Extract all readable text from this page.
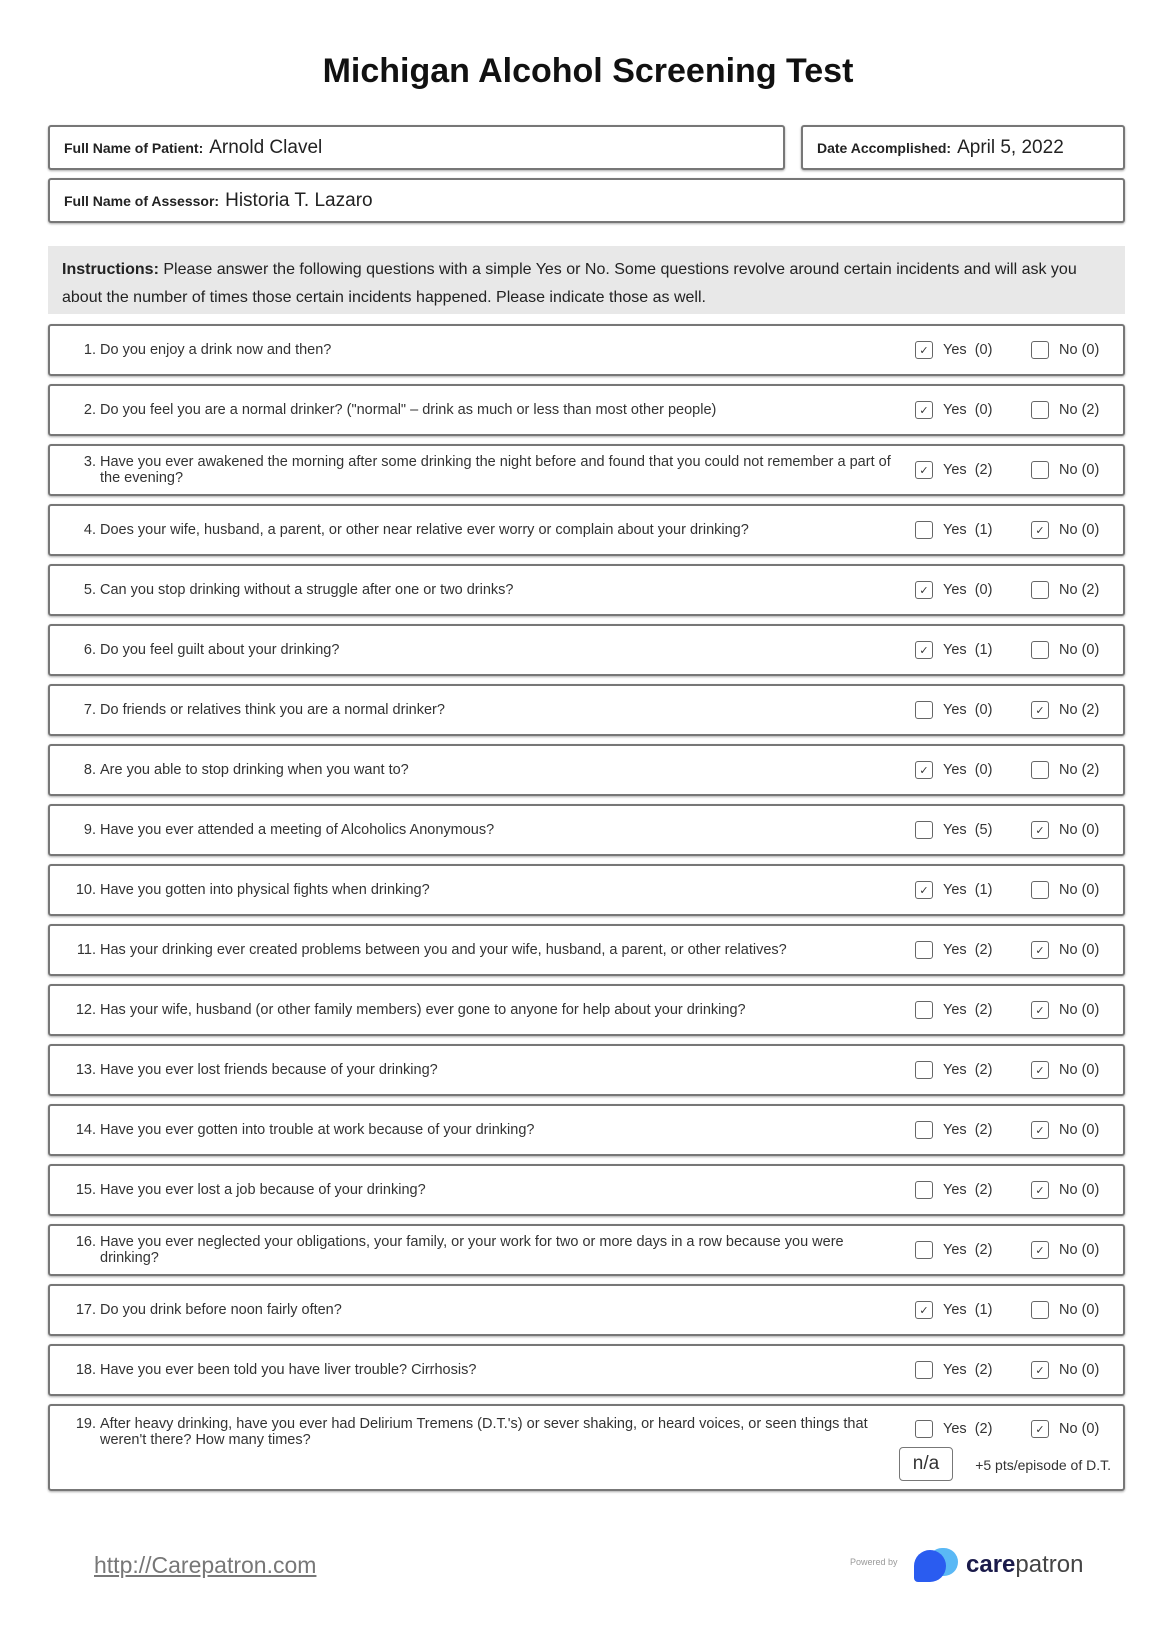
Michigan Alcohol Screening Test
Full Name of Patient: Arnold Clavel	Date Accomplished: April 5, 2022
Full Name of Assessor: Historia T. Lazaro
Instructions: Please answer the following questions with a simple Yes or No. Some questions revolve around certain incidents and will ask you about the number of times those certain incidents happened. Please indicate those as well.
1. Do you enjoy a drink now and then?	✓ Yes  (0)	No (0)
2. Do you feel you are a normal drinker? ("normal" – drink as much or less than most other people)	✓ Yes  (0)	No (2)
3. Have you ever awakened the morning after some drinking the night before and found that you could not remember a part of the evening?	✓ Yes  (2)	No (0)
4. Does your wife, husband, a parent, or other near relative ever worry or complain about your drinking?	Yes  (1)	✓ No (0)
5. Can you stop drinking without a struggle after one or two drinks?	✓ Yes  (0)	No (2)
6. Do you feel guilt about your drinking?	✓ Yes  (1)	No (0)
7. Do friends or relatives think you are a normal drinker?	Yes  (0)	✓ No (2)
8. Are you able to stop drinking when you want to?	✓ Yes  (0)	No (2)
9. Have you ever attended a meeting of Alcoholics Anonymous?	Yes  (5)	✓ No (0)
10. Have you gotten into physical fights when drinking?	✓ Yes  (1)	No (0)
11. Has your drinking ever created problems between you and your wife, husband, a parent, or other relatives?	Yes  (2)	✓ No (0)
12. Has your wife, husband (or other family members) ever gone to anyone for help about your drinking?	Yes  (2)	✓ No (0)
13. Have you ever lost friends because of your drinking?	Yes  (2)	✓ No (0)
14. Have you ever gotten into trouble at work because of your drinking?	Yes  (2)	✓ No (0)
15. Have you ever lost a job because of your drinking?	Yes  (2)	✓ No (0)
16. Have you ever neglected your obligations, your family, or your work for two or more days in a row because you were drinking?	Yes  (2)	✓ No (0)
17. Do you drink before noon fairly often?	✓ Yes  (1)	No (0)
18. Have you ever been told you have liver trouble? Cirrhosis?	Yes  (2)	✓ No (0)
19. After heavy drinking, have you ever had Delirium Tremens (D.T.'s) or sever shaking, or heard voices, or seen things that weren't there? How many times?
Yes  (2)	✓ No (0)
n/a	+5 pts/episode of D.T.
http://Carepatron.com	Powered by	carepatron
